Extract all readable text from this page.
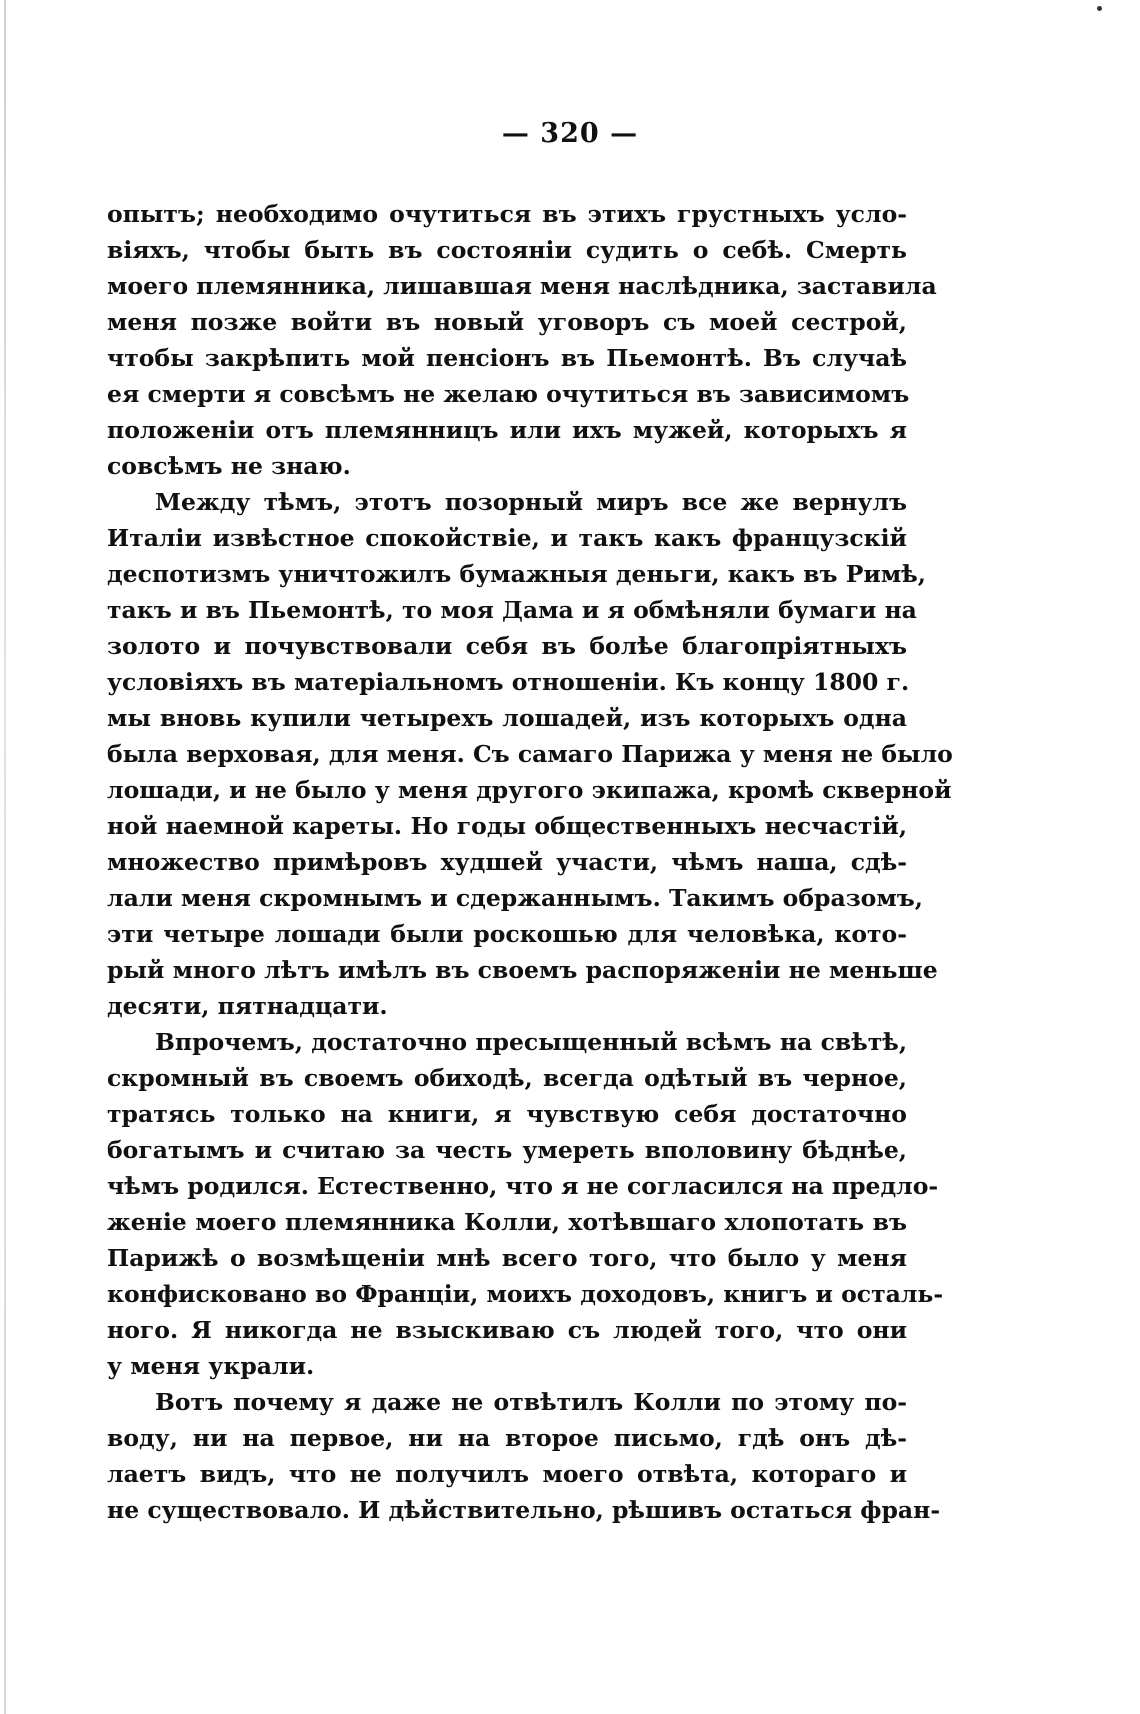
— 320 —
опытъ; необходимо очутиться въ этихъ грустныхъ усло-
віяхъ, чтобы быть въ состояніи судить о себѣ. Смерть
моего племянника, лишавшая меня наслѣдника, заставила
меня позже войти въ новый уговоръ съ моей сестрой,
чтобы закрѣпить мой пенсіонъ въ Пьемонтѣ. Въ случаѣ
ея смерти я совсѣмъ не желаю очутиться въ зависимомъ
положеніи отъ племянницъ или ихъ мужей, которыхъ я
совсѣмъ не знаю.
Между тѣмъ, этотъ позорный миръ все же вернулъ
Италіи извѣстное спокойствіе, и такъ какъ французскій
деспотизмъ уничтожилъ бумажныя деньги, какъ въ Римѣ,
такъ и въ Пьемонтѣ, то моя Дама и я обмѣняли бумаги на
золото и почувствовали себя въ болѣе благопріятныхъ
условіяхъ въ матеріальномъ отношеніи. Къ концу 1800 г.
мы вновь купили четырехъ лошадей, изъ которыхъ одна
была верховая, для меня. Съ самаго Парижа у меня не было
лошади, и не было у меня другого экипажа, кромѣ скверной
ной наемной кареты. Но годы общественныхъ несчастій,
множество примѣровъ худшей участи, чѣмъ наша, сдѣ-
лали меня скромнымъ и сдержаннымъ. Такимъ образомъ,
эти четыре лошади были роскошью для человѣка, кото-
рый много лѣтъ имѣлъ въ своемъ распоряженіи не меньше
десяти, пятнадцати.
Впрочемъ, достаточно пресыщенный всѣмъ на свѣтѣ,
скромный въ своемъ обиходѣ, всегда одѣтый въ черное,
тратясь только на книги, я чувствую себя достаточно
богатымъ и считаю за честь умереть вполовину бѣднѣе,
чѣмъ родился. Естественно, что я не согласился на предло-
женіе моего племянника Колли, хотѣвшаго хлопотать въ
Парижѣ о возмѣщеніи мнѣ всего того, что было у меня
конфисковано во Франціи, моихъ доходовъ, книгъ и осталь-
ного. Я никогда не взыскиваю съ людей того, что они
у меня украли.
Вотъ почему я даже не отвѣтилъ Колли по этому по-
воду, ни на первое, ни на второе письмо, гдѣ онъ дѣ-
лаетъ видъ, что не получилъ моего отвѣта, котораго и
не существовало. И дѣйствительно, рѣшивъ остаться фран-
